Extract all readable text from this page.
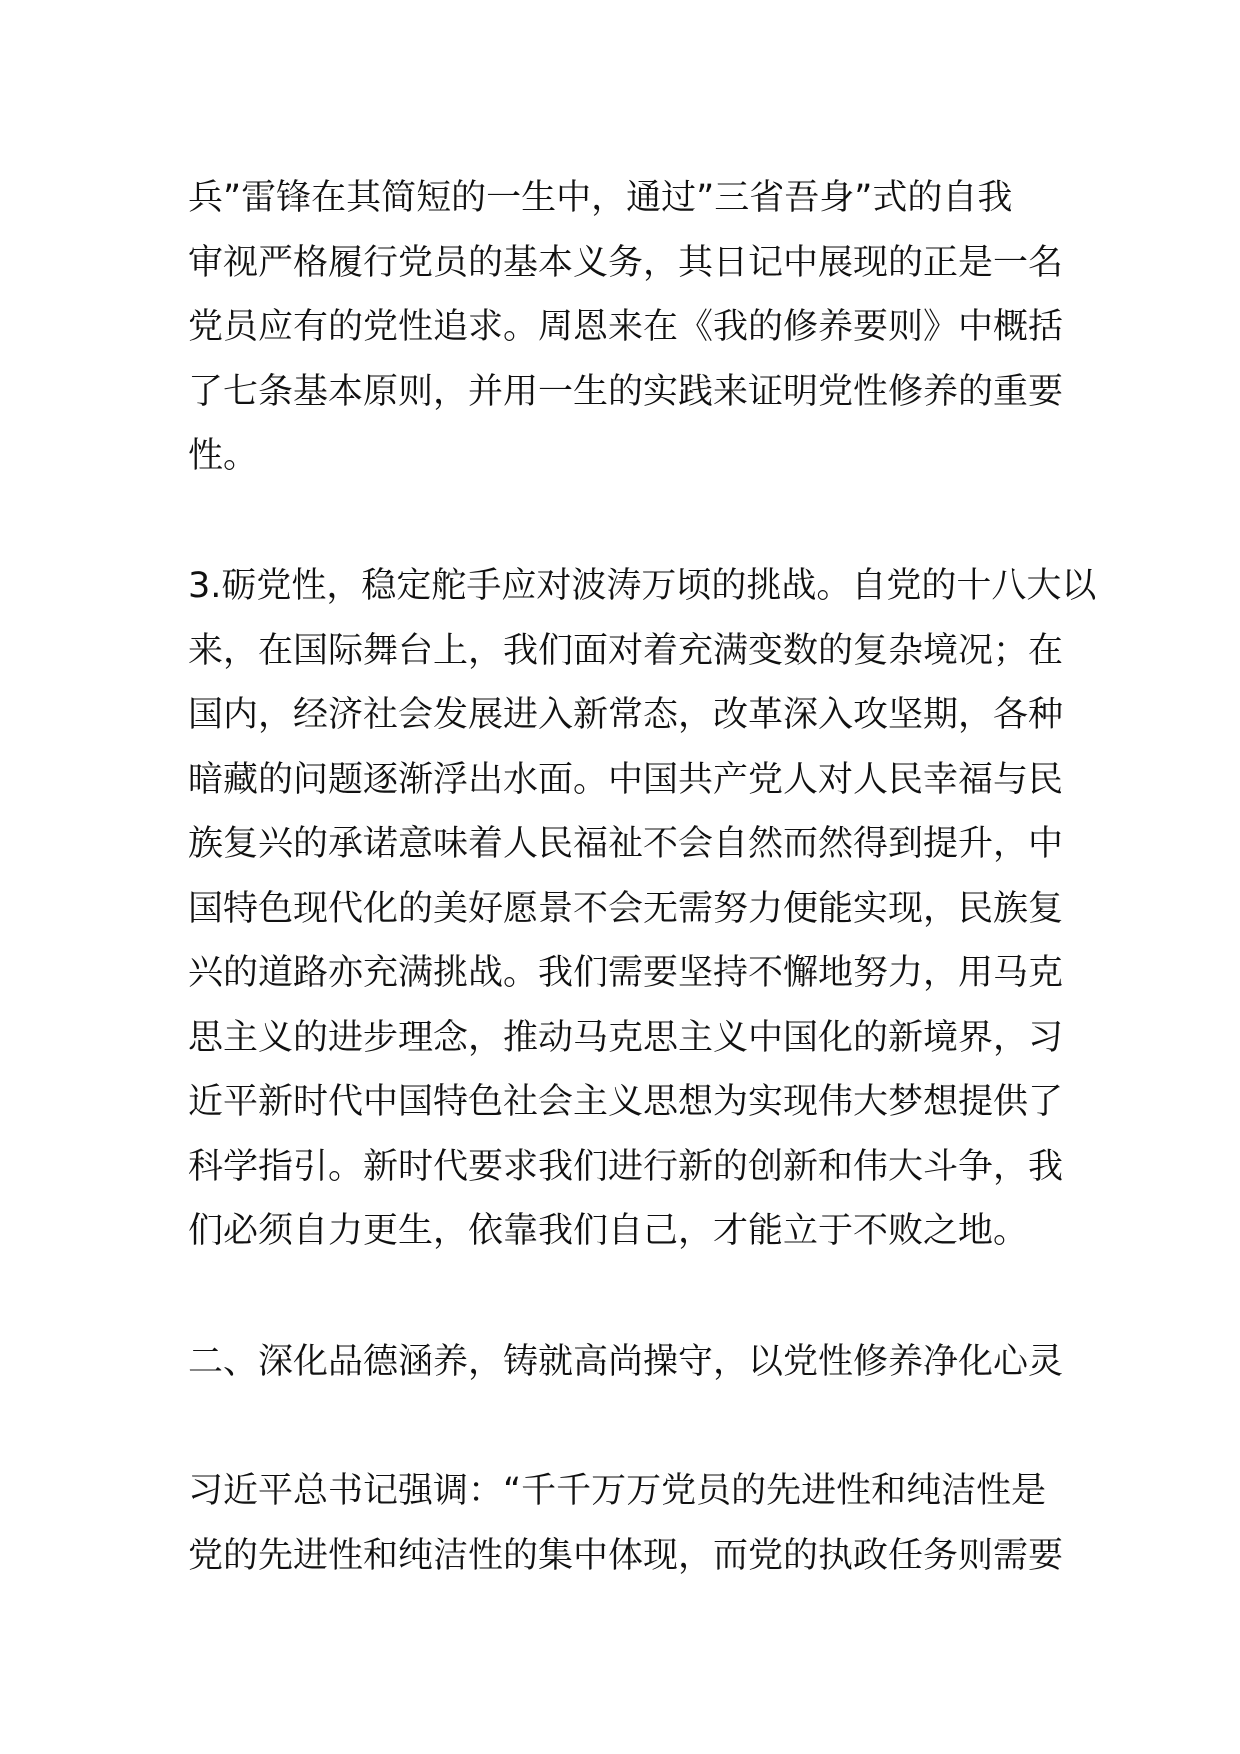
兵”雷锋在其简短的一生中，通过”三省吾身”式的自我
审视严格履行党员的基本义务，其日记中展现的正是一名
党员应有的党性追求。周恩来在《我的修养要则》中概括
了七条基本原则，并用一生的实践来证明党性修养的重要
性。
3.砺党性，稳定舵手应对波涛万顷的挑战。自党的十八大以
来，在国际舞台上，我们面对着充满变数的复杂境况；在
国内，经济社会发展进入新常态，改革深入攻坚期，各种
暗藏的问题逐渐浮出水面。中国共产党人对人民幸福与民
族复兴的承诺意味着人民福祉不会自然而然得到提升，中
国特色现代化的美好愿景不会无需努力便能实现，民族复
兴的道路亦充满挑战。我们需要坚持不懈地努力，用马克
思主义的进步理念，推动马克思主义中国化的新境界，习
近平新时代中国特色社会主义思想为实现伟大梦想提供了
科学指引。新时代要求我们进行新的创新和伟大斗争，我
们必须自力更生，依靠我们自己，才能立于不败之地。
二、深化品德涵养，铸就高尚操守，以党性修养净化心灵
习近平总书记强调：“千千万万党员的先进性和纯洁性是
党的先进性和纯洁性的集中体现，而党的执政任务则需要
